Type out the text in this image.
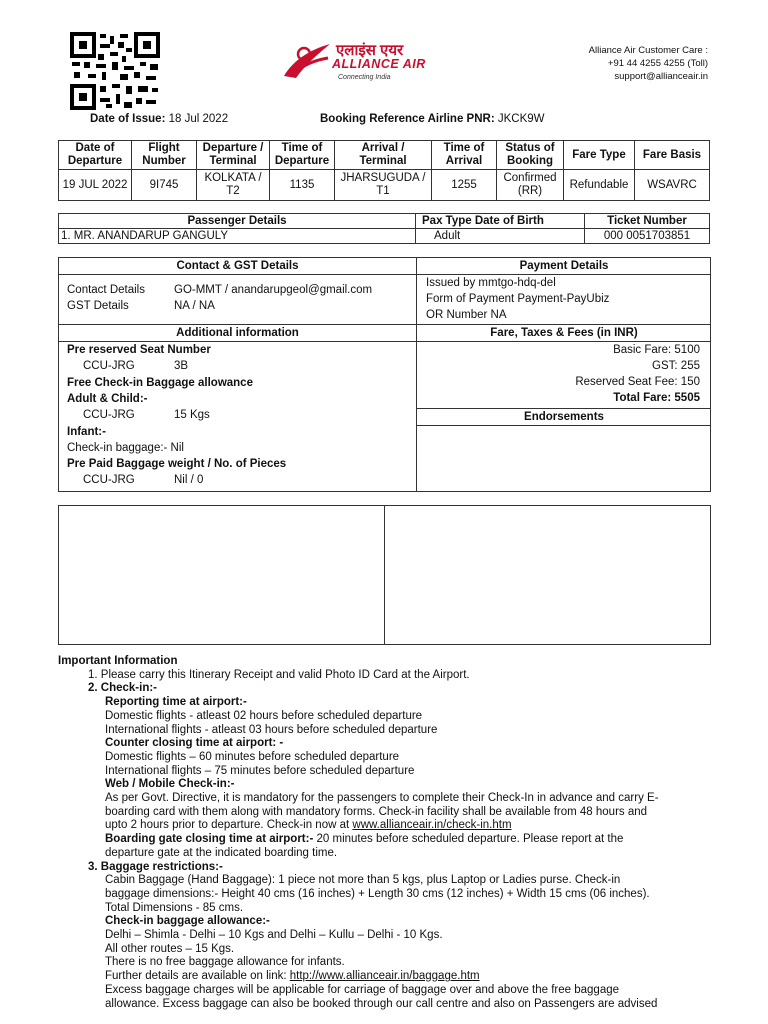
एलाइंस एयर
ALLIANCE AIR
Connecting India
Alliance Air Customer Care :
+91 44 4255 4255 (Toll)
support@allianceair.in
Date of Issue: 18 Jul 2022	Booking Reference Airline PNR: JKCK9W
Date of Departure	Flight Number	Departure / Terminal	Time of Departure	Arrival / Terminal	Time of Arrival	Status of Booking	Fare Type	Fare Basis
19 JUL 2022	9I745	KOLKATA / T2	1135	JHARSUGUDA / T1	1255	Confirmed (RR)	Refundable	WSAVRC
Passenger Details	Pax Type Date of Birth	Ticket Number
1. MR. ANANDARUP GANGULY	Adult	000 0051703851
Contact & GST Details
Contact Details	GO-MMT / anandarupgeol@gmail.com
GST Details	NA / NA
Payment Details
Issued by mmtgo-hdq-del
Form of Payment Payment-PayUbiz
OR Number NA
Additional information	Fare, Taxes & Fees (in INR)
Pre reserved Seat Number
CCU-JRG	3B
Free Check-in Baggage allowance
Adult & Child:-
CCU-JRG	15 Kgs
Infant:-
Check-in baggage:- Nil
Pre Paid Baggage weight / No. of Pieces
CCU-JRG	Nil / 0
Basic Fare: 5100
GST: 255
Reserved Seat Fee: 150
Total Fare: 5505
Endorsements

Important Information

1. Please carry this Itinerary Receipt and valid Photo ID Card at the Airport.

2. Check-in:-

Reporting time at airport:-

Domestic flights - atleast 02 hours before scheduled departure

International flights - atleast 03 hours before scheduled departure

Counter closing time at airport: -

Domestic flights – 60 minutes before scheduled departure

International flights – 75 minutes before scheduled departure

Web / Mobile Check-in:-

As per Govt. Directive, it is mandatory for the passengers to complete their Check-In in advance and carry E-

boarding card with them along with mandatory forms. Check-in facility shall be available from 48 hours and

upto 2 hours prior to departure. Check-in now at www.allianceair.in/check-in.htm

Boarding gate closing time at airport:- 20 minutes before scheduled departure. Please report at the

departure gate at the indicated boarding time.

3. Baggage restrictions:-

Cabin Baggage (Hand Baggage): 1 piece not more than 5 kgs, plus Laptop or Ladies purse. Check-in

baggage dimensions:- Height 40 cms (16 inches) + Length 30 cms (12 inches) + Width 15 cms (06 inches).

Total Dimensions - 85 cms.

Check-in baggage allowance:-

Delhi – Shimla - Delhi – 10 Kgs and Delhi – Kullu – Delhi - 10 Kgs.

All other routes – 15 Kgs.

There is no free baggage allowance for infants.

Further details are available on link: http://www.allianceair.in/baggage.htm

Excess baggage charges will be applicable for carriage of baggage over and above the free baggage

allowance. Excess baggage can also be booked through our call centre and also on Passengers are advised
